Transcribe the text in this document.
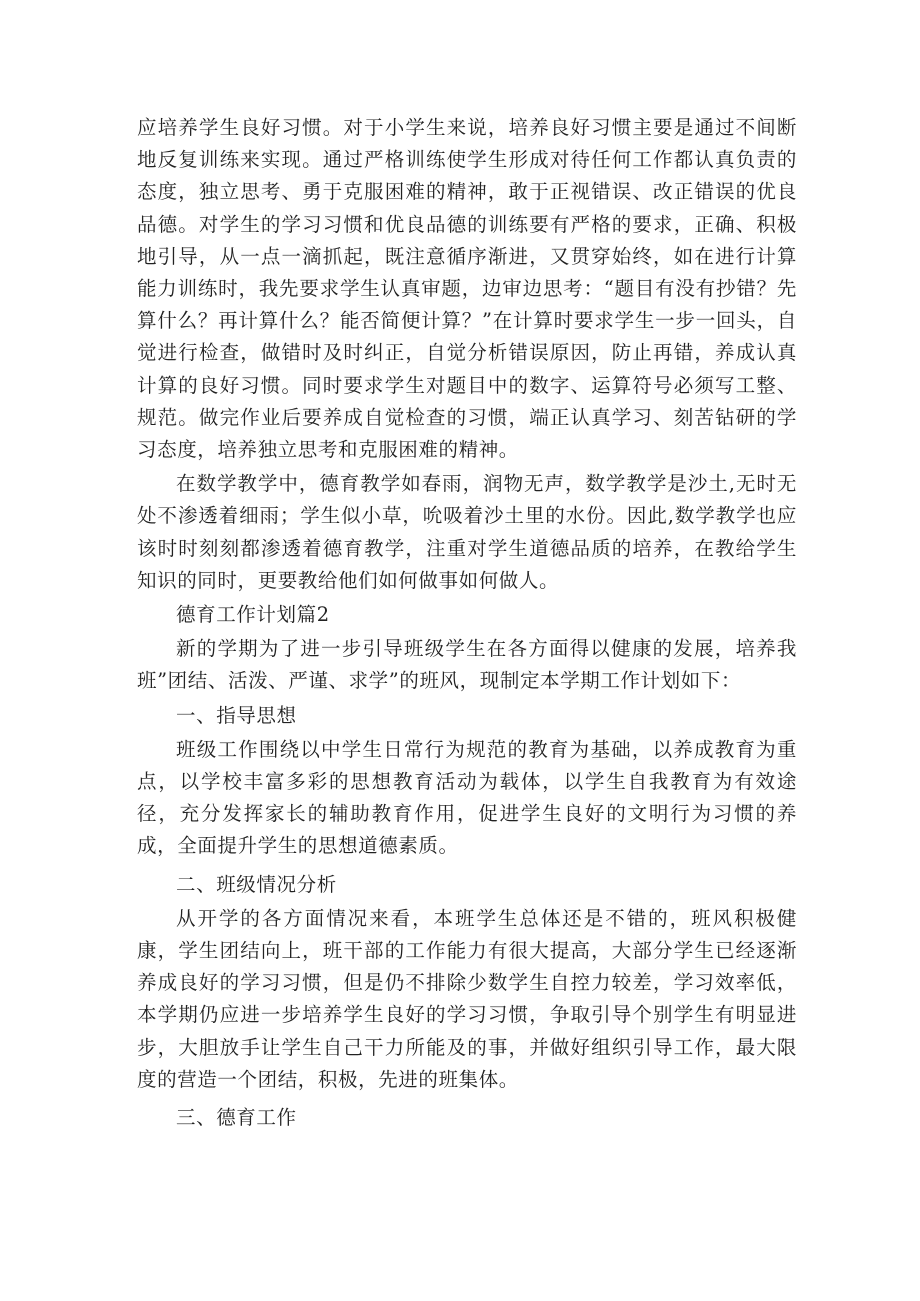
应培养学生良好习惯。对于小学生来说，培养良好习惯主要是通过不间断地反复训练来实现。通过严格训练使学生形成对待任何工作都认真负责的态度，独立思考、勇于克服困难的精神，敢于正视错误、改正错误的优良品德。对学生的学习习惯和优良品德的训练要有严格的要求，正确、积极地引导，从一点一滴抓起，既注意循序渐进，又贯穿始终，如在进行计算能力训练时，我先要求学生认真审题，边审边思考：“题目有没有抄错？先算什么？再计算什么？能否简便计算？”在计算时要求学生一步一回头，自觉进行检查，做错时及时纠正，自觉分析错误原因，防止再错，养成认真计算的良好习惯。同时要求学生对题目中的数字、运算符号必须写工整、规范。做完作业后要养成自觉检查的习惯，端正认真学习、刻苦钻研的学习态度，培养独立思考和克服困难的精神。

在数学教学中，德育教学如春雨，润物无声，数学教学是沙土,无时无处不渗透着细雨；学生似小草，吮吸着沙土里的水份。因此,数学教学也应该时时刻刻都渗透着德育教学，注重对学生道德品质的培养，在教给学生知识的同时，更要教给他们如何做事如何做人。

德育工作计划篇2

新的学期为了进一步引导班级学生在各方面得以健康的发展，培养我班”团结、活泼、严谨、求学”的班风，现制定本学期工作计划如下：

一、指导思想

班级工作围绕以中学生日常行为规范的教育为基础，以养成教育为重点，以学校丰富多彩的思想教育活动为载体，以学生自我教育为有效途径，充分发挥家长的辅助教育作用，促进学生良好的文明行为习惯的养成，全面提升学生的思想道德素质。

二、班级情况分析

从开学的各方面情况来看，本班学生总体还是不错的，班风积极健康，学生团结向上，班干部的工作能力有很大提高，大部分学生已经逐渐养成良好的学习习惯，但是仍不排除少数学生自控力较差，学习效率低，本学期仍应进一步培养学生良好的学习习惯，争取引导个别学生有明显进步，大胆放手让学生自己干力所能及的事，并做好组织引导工作，最大限度的营造一个团结，积极，先进的班集体。

三、德育工作
